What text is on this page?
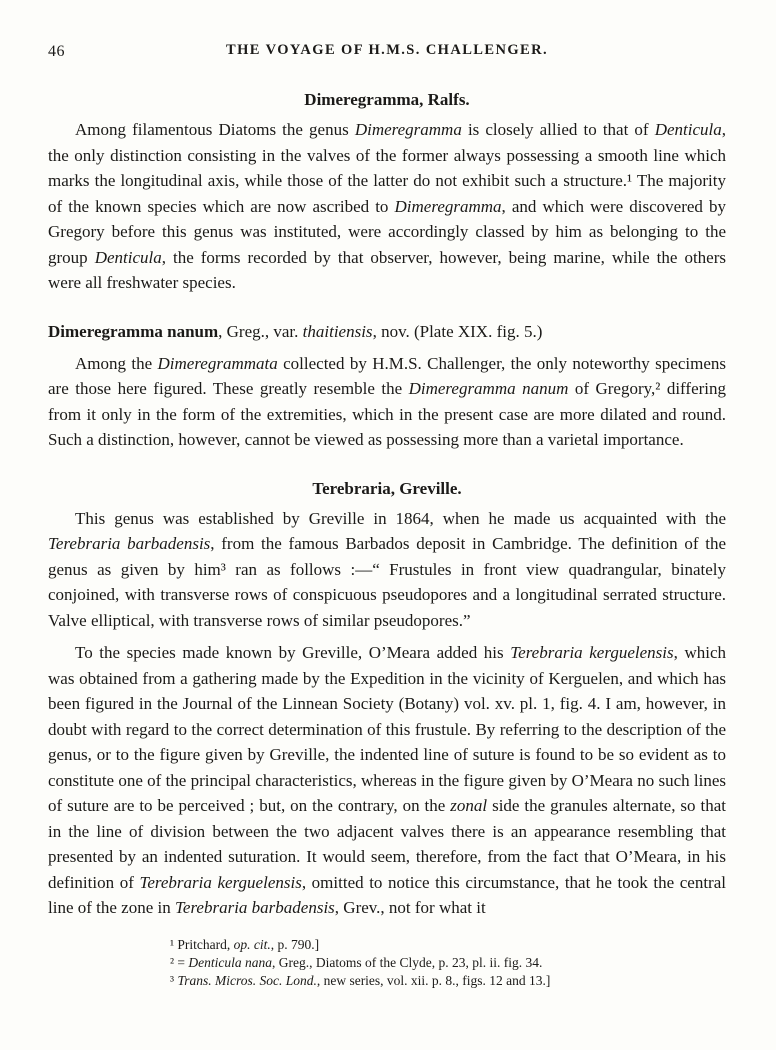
46	THE VOYAGE OF H.M.S. CHALLENGER.
Dimeregramma, Ralfs.

Among filamentous Diatoms the genus Dimeregramma is closely allied to that of Denticula, the only distinction consisting in the valves of the former always possessing a smooth line which marks the longitudinal axis, while those of the latter do not exhibit such a structure.¹ The majority of the known species which are now ascribed to Dimeregramma, and which were discovered by Gregory before this genus was instituted, were accordingly classed by him as belonging to the group Denticula, the forms recorded by that observer, however, being marine, while the others were all freshwater species.

Dimeregramma nanum, Greg., var. thaitiensis, nov. (Plate XIX. fig. 5.)

Among the Dimeregrammata collected by H.M.S. Challenger, the only noteworthy specimens are those here figured. These greatly resemble the Dimeregramma nanum of Gregory,² differing from it only in the form of the extremities, which in the present case are more dilated and round. Such a distinction, however, cannot be viewed as possessing more than a varietal importance.

Terebraria, Greville.

This genus was established by Greville in 1864, when he made us acquainted with the Terebraria barbadensis, from the famous Barbados deposit in Cambridge. The definition of the genus as given by him³ ran as follows :—“ Frustules in front view quadrangular, binately conjoined, with transverse rows of conspicuous pseudopores and a longitudinal serrated structure. Valve elliptical, with transverse rows of similar pseudopores.”

To the species made known by Greville, O’Meara added his Terebraria kerguelensis, which was obtained from a gathering made by the Expedition in the vicinity of Kerguelen, and which has been figured in the Journal of the Linnean Society (Botany) vol. xv. pl. 1, fig. 4. I am, however, in doubt with regard to the correct determination of this frustule. By referring to the description of the genus, or to the figure given by Greville, the indented line of suture is found to be so evident as to constitute one of the principal characteristics, whereas in the figure given by O’Meara no such lines of suture are to be perceived ; but, on the contrary, on the zonal side the granules alternate, so that in the line of division between the two adjacent valves there is an appearance resembling that presented by an indented suturation. It would seem, therefore, from the fact that O’Meara, in his definition of Terebraria kerguelensis, omitted to notice this circumstance, that he took the central line of the zone in Terebraria barbadensis, Grev., not for what it

¹ Pritchard, op. cit., p. 790.]
² = Denticula nana, Greg., Diatoms of the Clyde, p. 23, pl. ii. fig. 34.
³ Trans. Micros. Soc. Lond., new series, vol. xii. p. 8., figs. 12 and 13.]
